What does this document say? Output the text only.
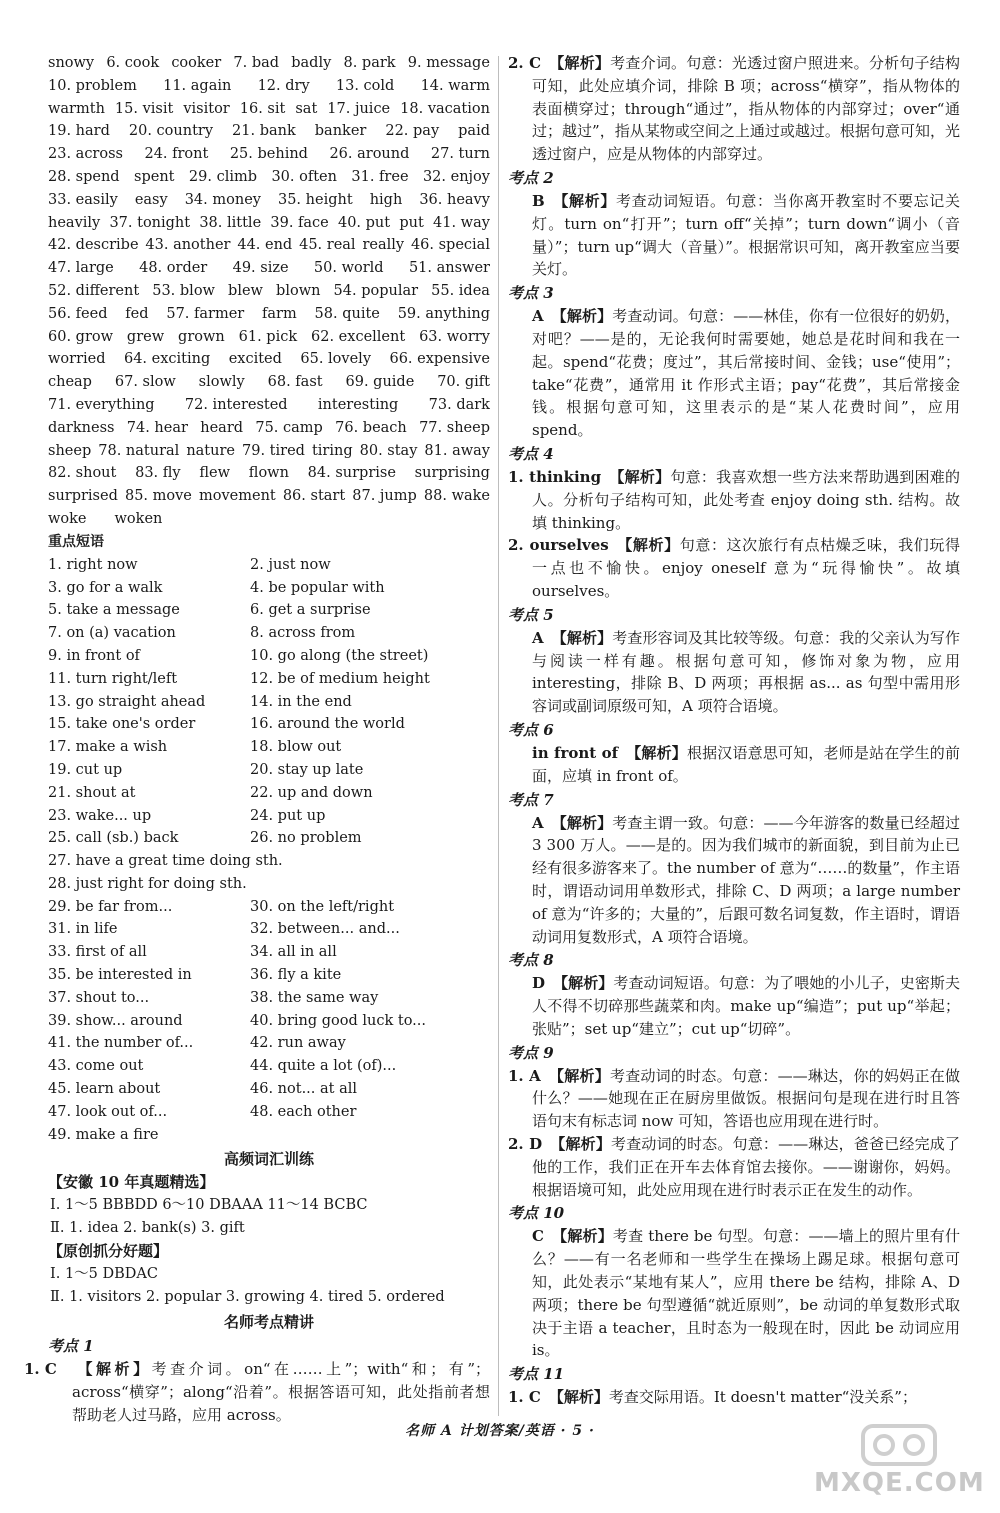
snowy 6. cook cooker 7. bad badly 8. park 9. message
10. problem 11. again 12. dry 13. cold 14. warm
warmth 15. visit visitor 16. sit sat 17. juice 18. vacation
19. hard 20. country 21. bank banker 22. pay paid
23. across 24. front 25. behind 26. around 27. turn
28. spend spent 29. climb 30. often 31. free 32. enjoy
33. easily easy 34. money 35. height high 36. heavy
heavily 37. tonight 38. little 39. face 40. put put 41. way
42. describe 43. another 44. end 45. real really 46. special
47. large 48. order 49. size 50. world 51. answer
52. different 53. blow blew blown 54. popular 55. idea
56. feed fed 57. farmer farm 58. quite 59. anything
60. grow grew grown 61. pick 62. excellent 63. worry
worried 64. exciting excited 65. lovely 66. expensive
cheap 67. slow slowly 68. fast 69. guide 70. gift
71. everything 72. interested interesting 73. dark
darkness 74. hear heard 75. camp 76. beach 77. sheep
sheep 78. natural nature 79. tired tiring 80. stay 81. away
82. shout 83. fly flew flown 84. surprise surprising
surprised 85. move movement 86. start 87. jump 88. wake
woke woken
重点短语
1. right now	2. just now
3. go for a walk	4. be popular with
5. take a message	6. get a surprise
7. on (a) vacation	8. across from
9. in front of	10. go along (the street)
11. turn right/left	12. be of medium height
13. go straight ahead	14. in the end
15. take one's order	16. around the world
17. make a wish	18. blow out
19. cut up	20. stay up late
21. shout at	22. up and down
23. wake... up	24. put up
25. call (sb.) back	26. no problem
27. have a great time doing sth.
28. just right for doing sth.
29. be far from...	30. on the left/right
31. in life	32. between... and...
33. first of all	34. all in all
35. be interested in	36. fly a kite
37. shout to...	38. the same way
39. show... around	40. bring good luck to...
41. the number of...	42. run away
43. come out	44. quite a lot (of)...
45. learn about	46. not... at all
47. look out of...	48. each other
49. make a fire
高频词汇训练
【安徽 10 年真题精选】
Ⅰ. 1～5 BBBDD 6～10 DBAAA 11～14 BCBC
Ⅱ. 1. idea 2. bank(s) 3. gift
【原创抓分好题】
Ⅰ. 1～5 DBDAC
Ⅱ. 1. visitors 2. popular 3. growing 4. tired 5. ordered
名师考点精讲
考点 1
1. C 【解析】考查介词。on“在……上”；with“和；有”；across“横穿”；along“沿着”。根据答语可知，此处指前者想帮助老人过马路，应用 across。
2. C 【解析】考查介词。句意：光透过窗户照进来。分析句子结构可知，此处应填介词，排除 B 项；across“横穿”，指从物体的表面横穿过；through“通过”，指从物体的内部穿过；over“通过；越过”，指从某物或空间之上通过或越过。根据句意可知，光透过窗户，应是从物体的内部穿过。
考点 2
B 【解析】考查动词短语。句意：当你离开教室时不要忘记关灯。turn on“打开”；turn off“关掉”；turn down“调小（音量）”；turn up“调大（音量）”。根据常识可知，离开教室应当要关灯。
考点 3
A 【解析】考查动词。句意：——林佳，你有一位很好的奶奶，对吧？——是的，无论我何时需要她，她总是花时间和我在一起。spend“花费；度过”，其后常接时间、金钱；use“使用”；take“花费”，通常用 it 作形式主语；pay“花费”，其后常接金钱。根据句意可知，这里表示的是“某人花费时间”，应用 spend。
考点 4
1. thinking 【解析】句意：我喜欢想一些方法来帮助遇到困难的人。分析句子结构可知，此处考查 enjoy doing sth. 结构。故填 thinking。
2. ourselves 【解析】句意：这次旅行有点枯燥乏味，我们玩得一点也不愉快。enjoy oneself 意为“玩得愉快”。故填 ourselves。
考点 5
A 【解析】考查形容词及其比较等级。句意：我的父亲认为写作与阅读一样有趣。根据句意可知，修饰对象为物，应用 interesting，排除 B、D 两项；再根据 as... as 句型中需用形容词或副词原级可知，A 项符合语境。
考点 6
in front of 【解析】根据汉语意思可知，老师是站在学生的前面，应填 in front of。
考点 7
A 【解析】考查主谓一致。句意：——今年游客的数量已经超过 3 300 万人。——是的。因为我们城市的新面貌，到目前为止已经有很多游客来了。the number of 意为“……的数量”，作主语时，谓语动词用单数形式，排除 C、D 两项；a large number of 意为“许多的；大量的”，后跟可数名词复数，作主语时，谓语动词用复数形式，A 项符合语境。
考点 8
D 【解析】考查动词短语。句意：为了喂她的小儿子，史密斯夫人不得不切碎那些蔬菜和肉。make up“编造”；put up“举起；张贴”；set up“建立”；cut up“切碎”。
考点 9
1. A 【解析】考查动词的时态。句意：——琳达，你的妈妈正在做什么？——她现在正在厨房里做饭。根据问句是现在进行时且答语句末有标志词 now 可知，答语也应用现在进行时。
2. D 【解析】考查动词的时态。句意：——琳达，爸爸已经完成了他的工作，我们正在开车去体育馆去接你。——谢谢你，妈妈。根据语境可知，此处应用现在进行时表示正在发生的动作。
考点 10
C 【解析】考查 there be 句型。句意：——墙上的照片里有什么？——有一名老师和一些学生在操场上踢足球。根据句意可知，此处表示“某地有某人”，应用 there be 结构，排除 A、D 两项；there be 句型遵循“就近原则”，be 动词的单复数形式取决于主语 a teacher，且时态为一般现在时，因此 be 动词应用 is。
考点 11
1. C 【解析】考查交际用语。It doesn't matter“没关系”；
名师 A 计划答案/英语 · 5 ·
MXQE.COM
